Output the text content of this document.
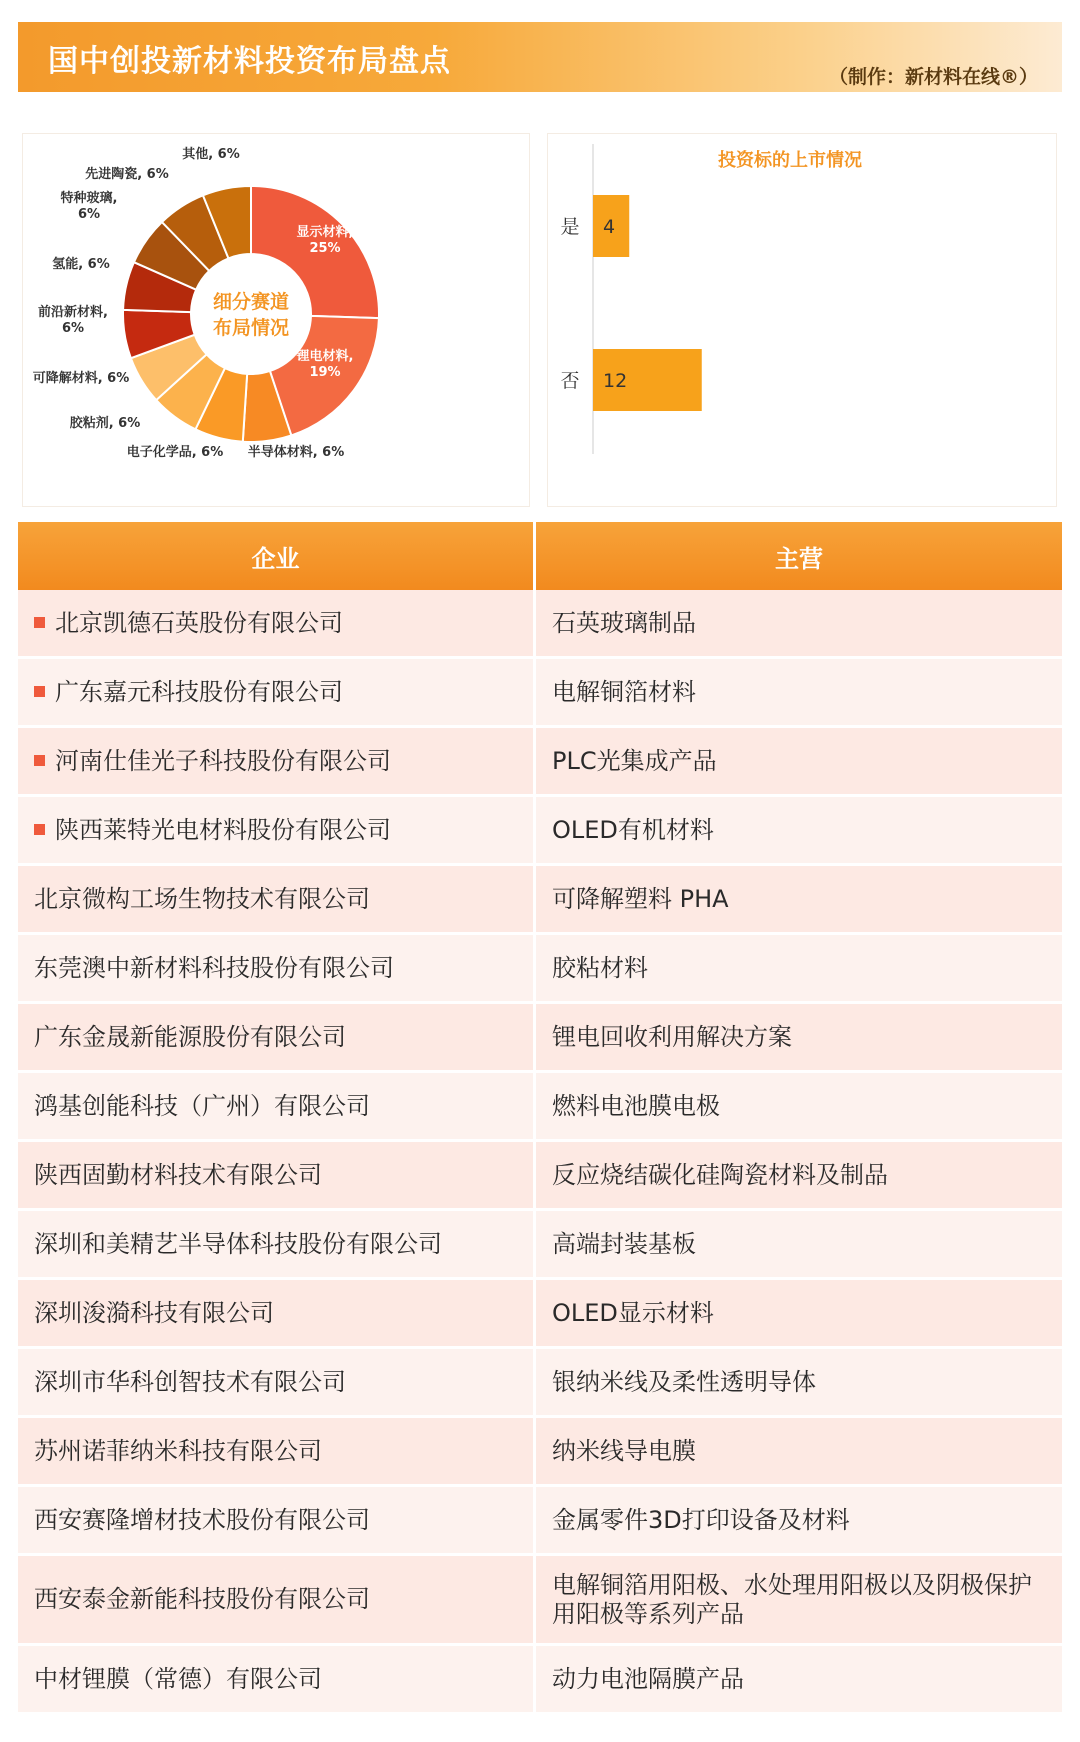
国中创投新材料投资布局盘点	（制作：新材料在线®）
显示材料,
25%
锂电材料,
19%
半导体材料, 6%
电子化学品, 6%
胶粘剂, 6%
可降解材料, 6%
前沿新材料,
6%
氢能, 6%
特种玻璃,
6%
先进陶瓷, 6%
其他, 6%
细分赛道
布局情况
投资标的上市情况
是 4
否 12
企业	主营
北京凯德石英股份有限公司	石英玻璃制品
广东嘉元科技股份有限公司	电解铜箔材料
河南仕佳光子科技股份有限公司	PLC光集成产品
陕西莱特光电材料股份有限公司	OLED有机材料
北京微构工场生物技术有限公司	可降解塑料 PHA
东莞澳中新材料科技股份有限公司	胶粘材料
广东金晟新能源股份有限公司	锂电回收利用解决方案
鸿基创能科技（广州）有限公司	燃料电池膜电极
陕西固勤材料技术有限公司	反应烧结碳化硅陶瓷材料及制品
深圳和美精艺半导体科技股份有限公司	高端封装基板
深圳浚漪科技有限公司	OLED显示材料
深圳市华科创智技术有限公司	银纳米线及柔性透明导体
苏州诺菲纳米科技有限公司	纳米线导电膜
西安赛隆增材技术股份有限公司	金属零件3D打印设备及材料
西安泰金新能科技股份有限公司	电解铜箔用阳极、水处理用阳极以及阴极保护用阳极等系列产品
中材锂膜（常德）有限公司	动力电池隔膜产品
